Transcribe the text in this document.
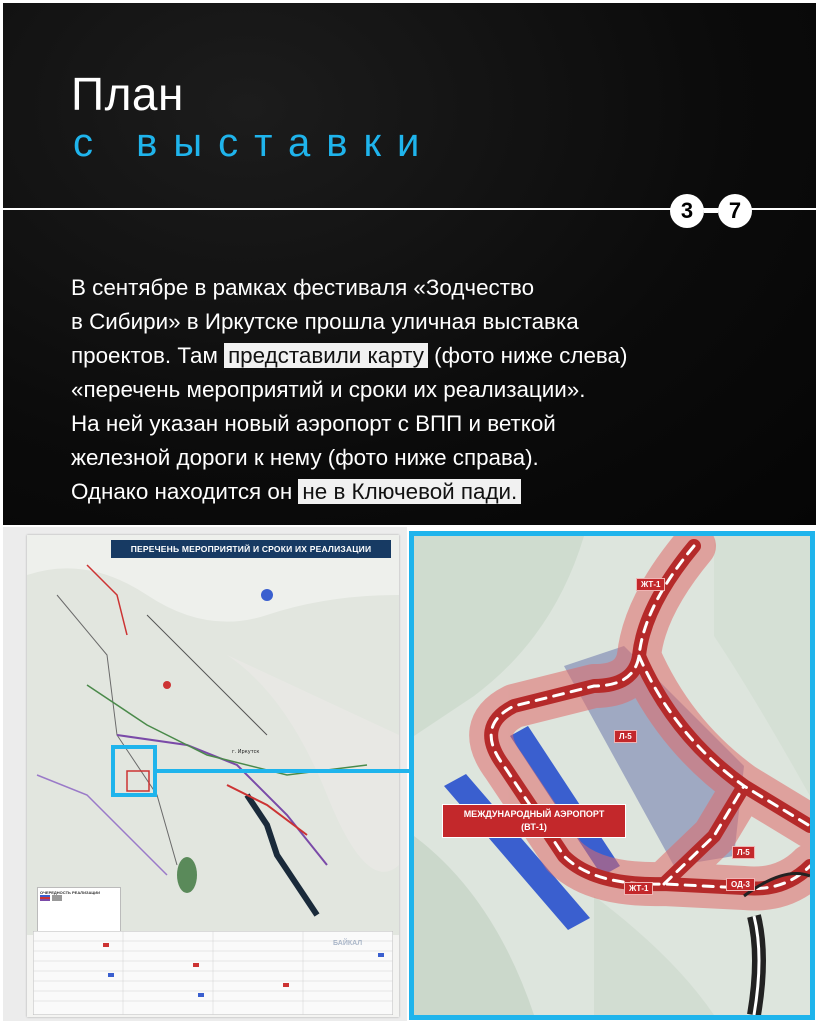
План
с выставки
3	7

В сентябре в рамках фестиваля «Зодчество
в Сибири» в Иркутске прошла уличная выставка
проектов. Там представили карту (фото ниже слева)
«перечень мероприятий и сроки их реализации».
На ней указан новый аэропорт с ВПП и веткой
железной дороги к нему (фото ниже справа).
Однако находится он не в Ключевой пади.

г. Иркутск
ПЕРЕЧЕНЬ МЕРОПРИЯТИЙ И СРОКИ ИХ РЕАЛИЗАЦИИ
ОЧЕРЕДНОСТЬ РЕАЛИЗАЦИИ
БАЙКАЛ
МЕЖДУНАРОДНЫЙ АЭРОПОРТ
(ВТ-1)
ЖТ-1
Л-5
Л-5
ЖТ-1	ОД-3
